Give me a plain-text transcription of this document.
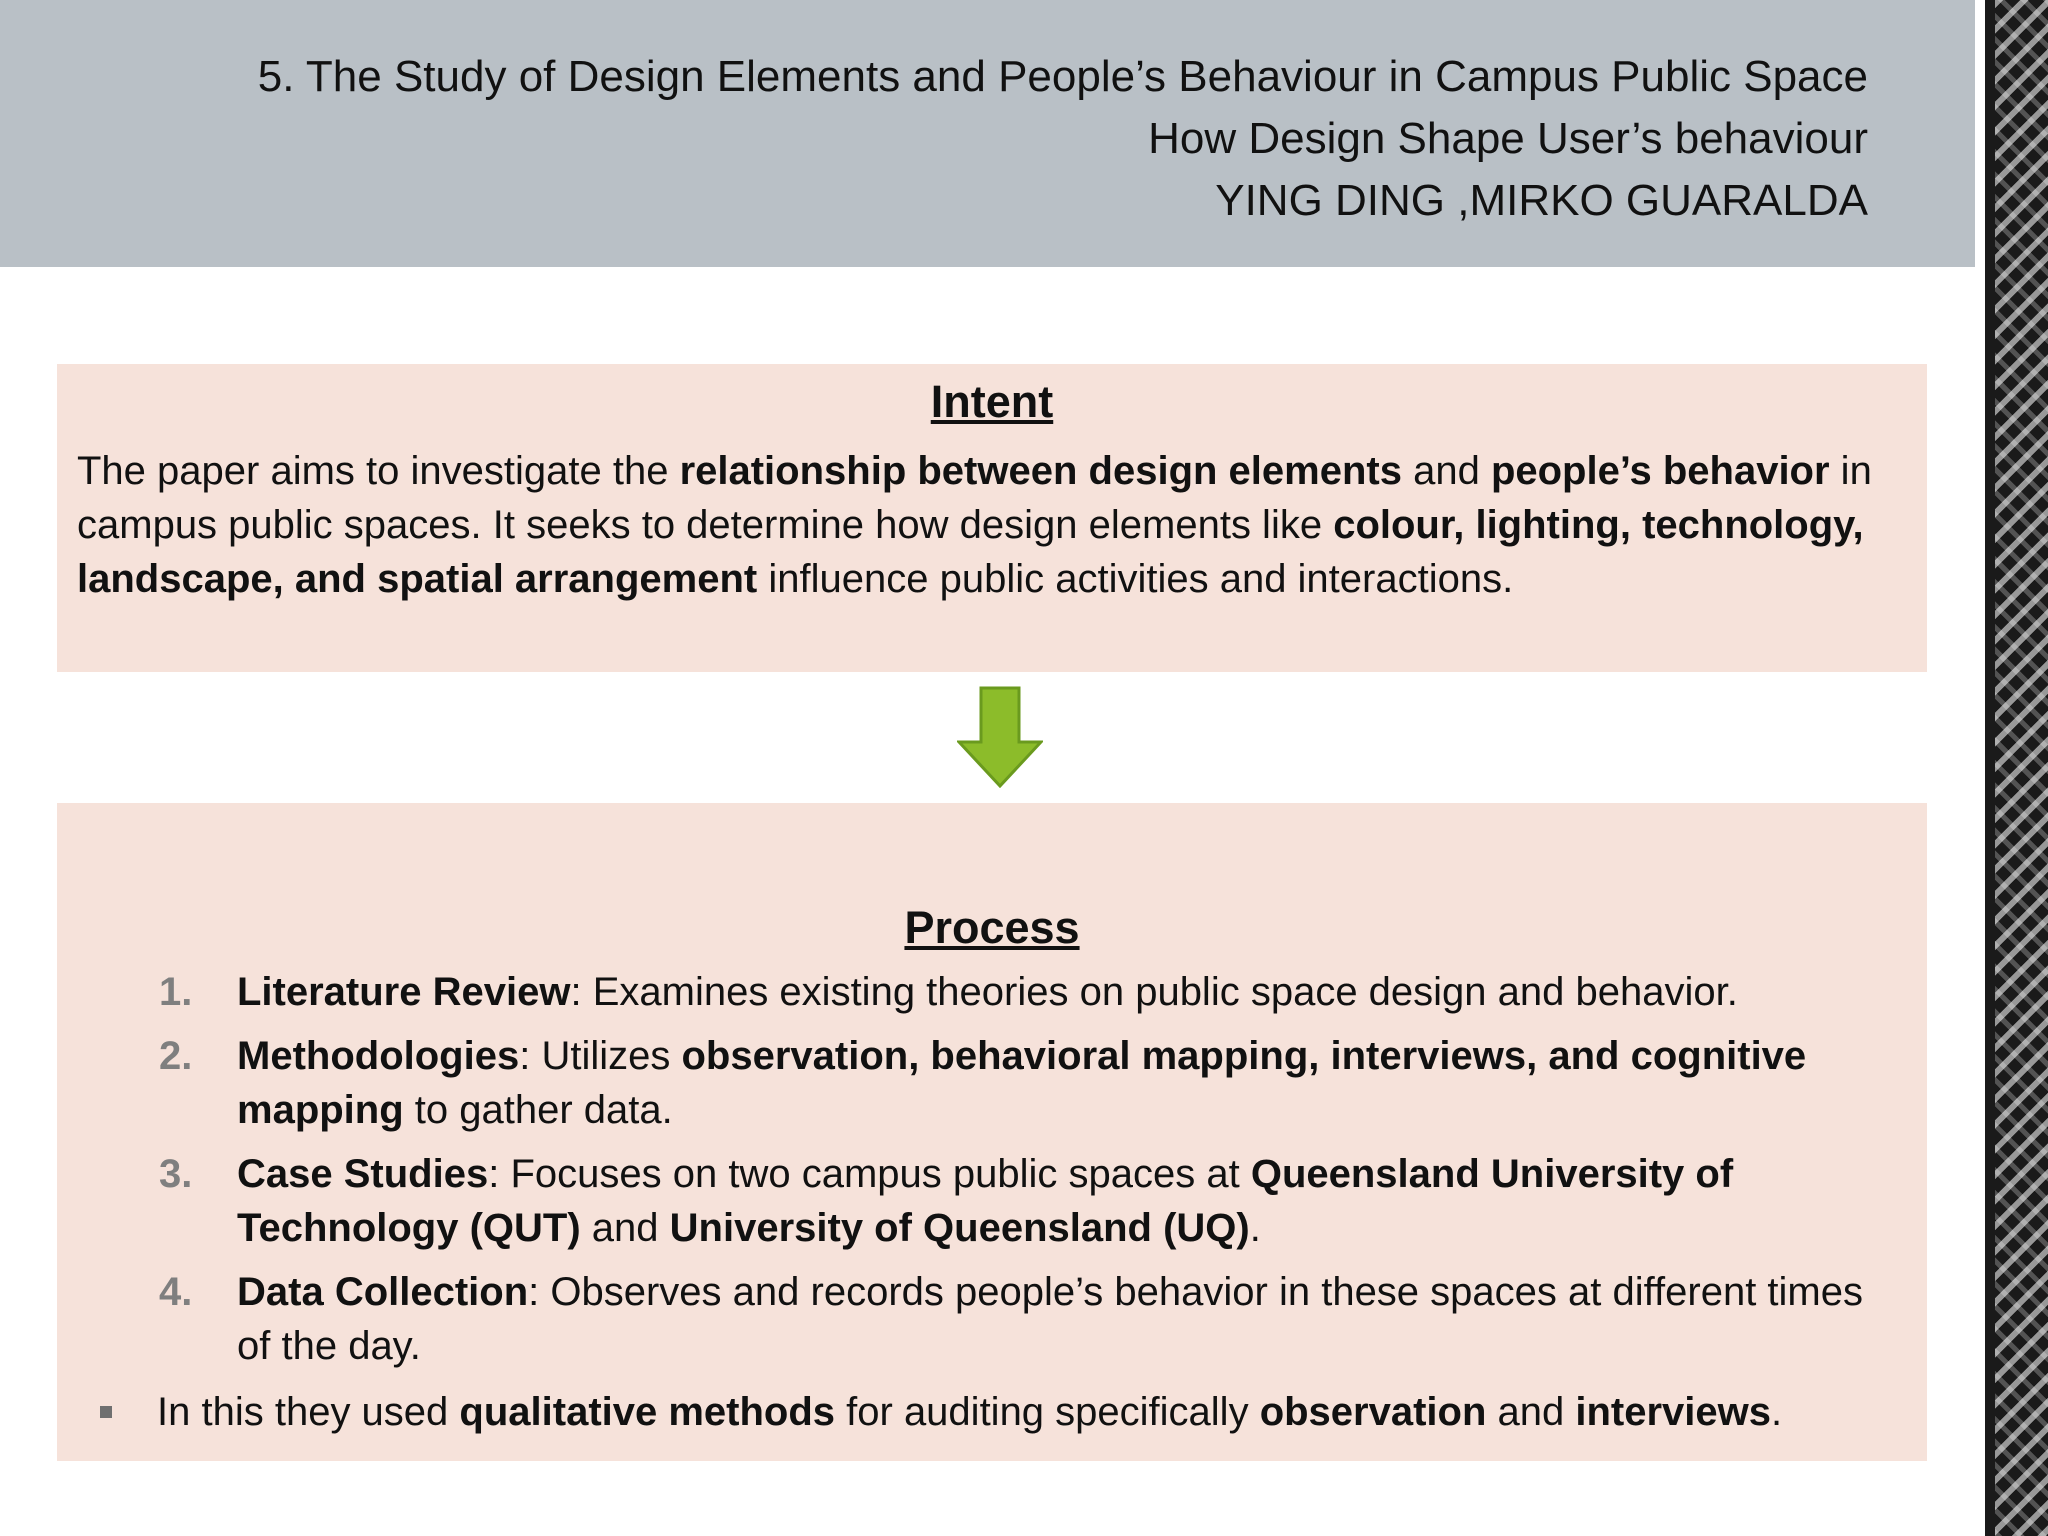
5. The Study of Design Elements and People’s Behaviour in Campus Public Space
How Design Shape User’s behaviour
YING DING ,MIRKO GUARALDA
Intent
The paper aims to investigate the relationship between design elements and people’s behavior in campus public spaces. It seeks to determine how design elements like colour, lighting, technology, landscape, and spatial arrangement influence public activities and interactions.
Process
1. Literature Review: Examines existing theories on public space design and behavior.
2. Methodologies: Utilizes observation, behavioral mapping, interviews, and cognitive mapping to gather data.
3. Case Studies: Focuses on two campus public spaces at Queensland University of Technology (QUT) and University of Queensland (UQ).
4. Data Collection: Observes and records people’s behavior in these spaces at different times of the day.
In this they used qualitative methods for auditing specifically observation and interviews.
